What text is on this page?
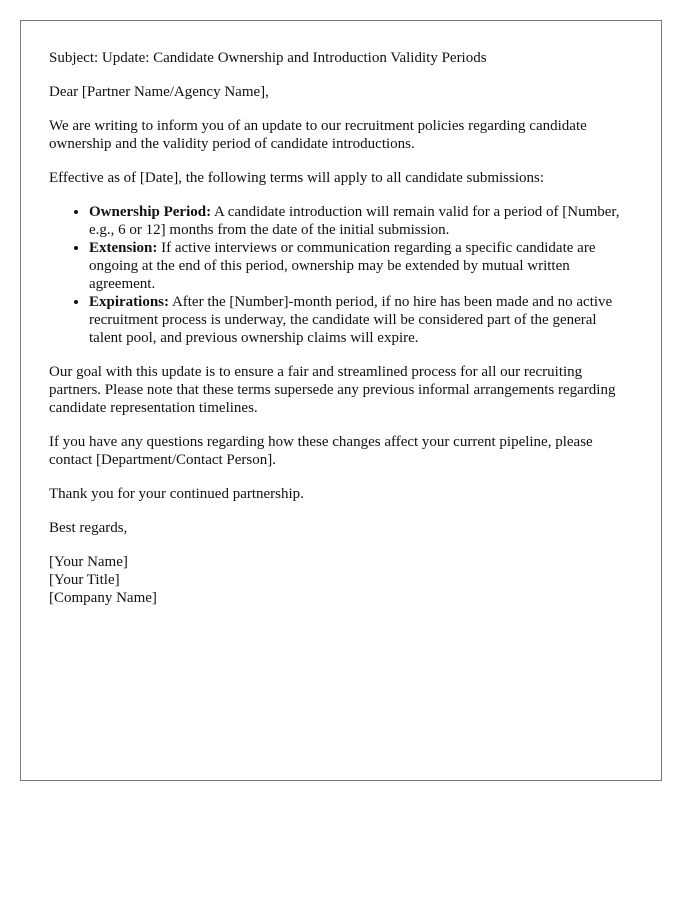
Subject: Update: Candidate Ownership and Introduction Validity Periods

Dear [Partner Name/Agency Name],

We are writing to inform you of an update to our recruitment policies regarding candidate ownership and the validity period of candidate introductions.

Effective as of [Date], the following terms will apply to all candidate submissions:

• Ownership Period: A candidate introduction will remain valid for a period of [Number, e.g., 6 or 12] months from the date of the initial submission.
• Extension: If active interviews or communication regarding a specific candidate are ongoing at the end of this period, ownership may be extended by mutual written agreement.
• Expirations: After the [Number]-month period, if no hire has been made and no active recruitment process is underway, the candidate will be considered part of the general talent pool, and previous ownership claims will expire.

Our goal with this update is to ensure a fair and streamlined process for all our recruiting partners. Please note that these terms supersede any previous informal arrangements regarding candidate representation timelines.

If you have any questions regarding how these changes affect your current pipeline, please contact [Department/Contact Person].

Thank you for your continued partnership.

Best regards,

[Your Name]
[Your Title]
[Company Name]
